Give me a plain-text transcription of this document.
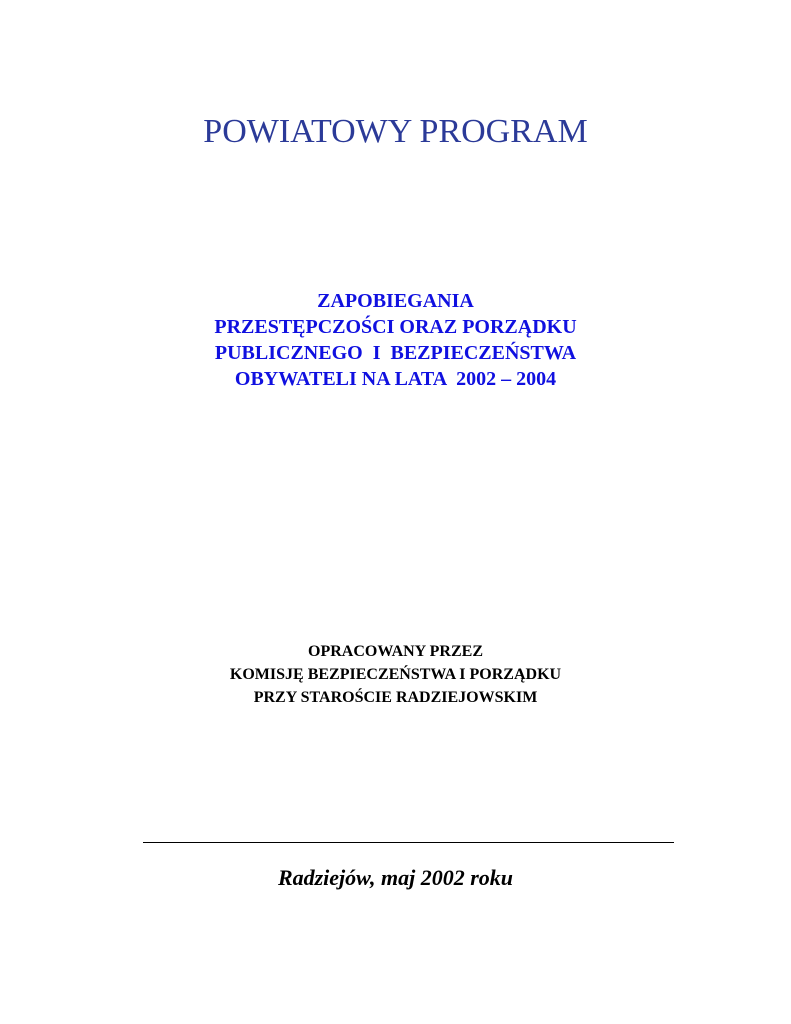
POWIATOWY PROGRAM
ZAPOBIEGANIA
PRZESTĘPCZOŚCI ORAZ PORZĄDKU
PUBLICZNEGO  I  BEZPIECZEŃSTWA
OBYWATELI NA LATA  2002 – 2004
OPRACOWANY PRZEZ
KOMISJĘ BEZPIECZEŃSTWA I PORZĄDKU
PRZY STAROŚCIE RADZIEJOWSKIM
Radziejów, maj 2002 roku
